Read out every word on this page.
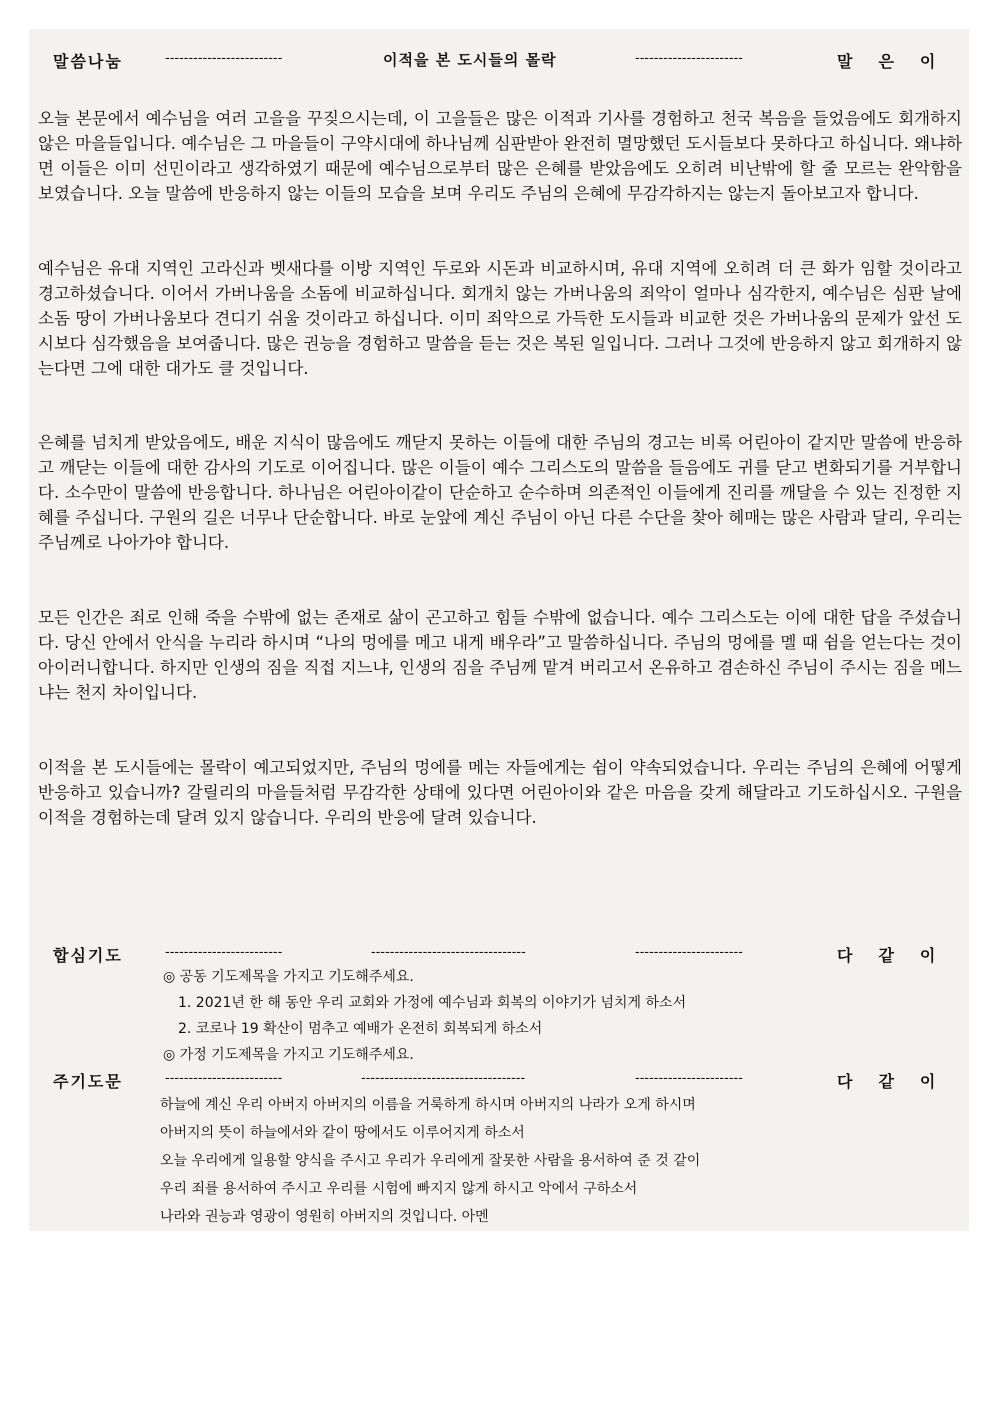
말씀나눔	-------------------------	이적을 본 도시들의 몰락	-----------------------	말은이

오늘 본문에서 예수님을 여러 고을을 꾸짖으시는데, 이 고을들은 많은 이적과 기사를 경험하고 천국 복음을 들었음에도 회개하지 않은 마을들입니다. 예수님은 그 마을들이 구약시대에 하나님께 심판받아 완전히 멸망했던 도시들보다 못하다고 하십니다. 왜냐하면 이들은 이미 선민이라고 생각하였기 때문에 예수님으로부터 많은 은혜를 받았음에도 오히려 비난밖에 할 줄 모르는 완악함을 보였습니다. 오늘 말씀에 반응하지 않는 이들의 모습을 보며 우리도 주님의 은혜에 무감각하지는 않는지 돌아보고자 합니다.

예수님은 유대 지역인 고라신과 벳새다를 이방 지역인 두로와 시돈과 비교하시며, 유대 지역에 오히려 더 큰 화가 임할 것이라고 경고하셨습니다. 이어서 가버나움을 소돔에 비교하십니다. 회개치 않는 가버나움의 죄악이 얼마나 심각한지, 예수님은 심판 날에 소돔 땅이 가버나움보다 견디기 쉬울 것이라고 하십니다. 이미 죄악으로 가득한 도시들과 비교한 것은 가버나움의 문제가 앞선 도시보다 심각했음을 보여줍니다. 많은 권능을 경험하고 말씀을 듣는 것은 복된 일입니다. 그러나 그것에 반응하지 않고 회개하지 않는다면 그에 대한 대가도 클 것입니다.

은혜를 넘치게 받았음에도, 배운 지식이 많음에도 깨닫지 못하는 이들에 대한 주님의 경고는 비록 어린아이 같지만 말씀에 반응하고 깨닫는 이들에 대한 감사의 기도로 이어집니다. 많은 이들이 예수 그리스도의 말씀을 들음에도 귀를 닫고 변화되기를 거부합니다. 소수만이 말씀에 반응합니다. 하나님은 어린아이같이 단순하고 순수하며 의존적인 이들에게 진리를 깨달을 수 있는 진정한 지혜를 주십니다. 구원의 길은 너무나 단순합니다. 바로 눈앞에 계신 주님이 아닌 다른 수단을 찾아 헤매는 많은 사람과 달리, 우리는 주님께로 나아가야 합니다.

모든 인간은 죄로 인해 죽을 수밖에 없는 존재로 삶이 곤고하고 힘들 수밖에 없습니다. 예수 그리스도는 이에 대한 답을 주셨습니다. 당신 안에서 안식을 누리라 하시며 “나의 멍에를 메고 내게 배우라”고 말씀하십니다. 주님의 멍에를 멜 때 쉼을 얻는다는 것이 아이러니합니다. 하지만 인생의 짐을 직접 지느냐, 인생의 짐을 주님께 맡겨 버리고서 온유하고 겸손하신 주님이 주시는 짐을 메느냐는 천지 차이입니다.

이적을 본 도시들에는 몰락이 예고되었지만, 주님의 멍에를 메는 자들에게는 쉼이 약속되었습니다. 우리는 주님의 은혜에 어떻게 반응하고 있습니까? 갈릴리의 마을들처럼 무감각한 상태에 있다면 어린아이와 같은 마음을 갖게 해달라고 기도하십시오. 구원을 이적을 경험하는데 달려 있지 않습니다. 우리의 반응에 달려 있습니다.

합심기도	-------------------------	---------------------------------	-----------------------	다같이
◎ 공동 기도제목을 가지고 기도해주세요.
1. 2021년 한 해 동안 우리 교회와 가정에 예수님과 회복의 이야기가 넘치게 하소서
2. 코로나 19 확산이 멈추고 예배가 온전히 회복되게 하소서
◎ 가정 기도제목을 가지고 기도해주세요.
주기도문	-------------------------	-----------------------------------	-----------------------	다같이
하늘에 계신 우리 아버지 아버지의 이름을 거룩하게 하시며 아버지의 나라가 오게 하시며
아버지의 뜻이 하늘에서와 같이 땅에서도 이루어지게 하소서
오늘 우리에게 일용할 양식을 주시고 우리가 우리에게 잘못한 사람을 용서하여 준 것 같이
우리 죄를 용서하여 주시고 우리를 시험에 빠지지 않게 하시고 악에서 구하소서
나라와 권능과 영광이 영원히 아버지의 것입니다. 아멘
